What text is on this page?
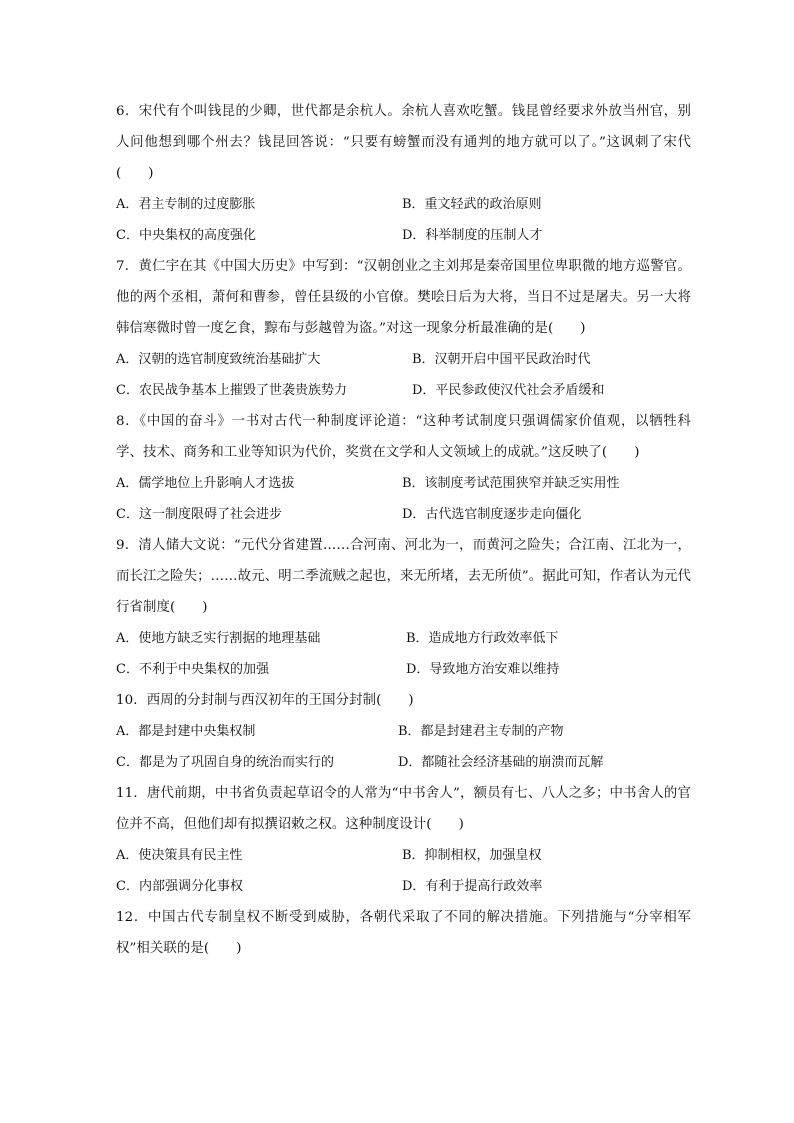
6．宋代有个叫钱昆的少卿，世代都是余杭人。余杭人喜欢吃蟹。钱昆曾经要求外放当州官，别人问他想到哪个州去？钱昆回答说：“只要有螃蟹而没有通判的地方就可以了。”这讽刺了宋代(　　)

A．君主专制的过度膨胀	B．重文轻武的政治原则
C．中央集权的高度强化	D．科举制度的压制人才

7．黄仁宇在其《中国大历史》中写到：“汉朝创业之主刘邦是秦帝国里位卑职微的地方巡警官。他的两个丞相，萧何和曹参，曾任县级的小官僚。樊哙日后为大将，当日不过是屠夫。另一大将韩信寒微时曾一度乞食，黥布与彭越曾为盗。”对这一现象分析最准确的是(　　)

A．汉朝的选官制度致统治基础扩大	B．汉朝开启中国平民政治时代
C．农民战争基本上摧毁了世袭贵族势力	D．平民参政使汉代社会矛盾缓和

8．《中国的奋斗》一书对古代一种制度评论道：“这种考试制度只强调儒家价值观，以牺牲科学、技术、商务和工业等知识为代价，奖赏在文学和人文领域上的成就。”这反映了(　　)

A．儒学地位上升影响人才选拔	B．该制度考试范围狭窄并缺乏实用性
C．这一制度限碍了社会进步	D．古代选官制度逐步走向僵化

9．清人储大文说：“元代分省建置……合河南、河北为一，而黄河之险失；合江南、江北为一，而长江之险失；……故元、明二季流贼之起也，来无所堵，去无所侦”。据此可知，作者认为元代行省制度(　　)

A．使地方缺乏实行割据的地理基础	B．造成地方行政效率低下
C．不利于中央集权的加强	D．导致地方治安难以维持

10．西周的分封制与西汉初年的王国分封制(　　)

A．都是封建中央集权制	B．都是封建君主专制的产物
C．都是为了巩固自身的统治而实行的	D．都随社会经济基础的崩溃而瓦解

11．唐代前期，中书省负责起草诏令的人常为“中书舍人”，额员有七、八人之多；中书舍人的官位并不高，但他们却有拟撰诏敕之权。这种制度设计(　　)

A．使决策具有民主性	B．抑制相权，加强皇权
C．内部强调分化事权	D．有利于提高行政效率

12．中国古代专制皇权不断受到威胁，各朝代采取了不同的解决措施。下列措施与“分宰相军权”相关联的是(　　)
